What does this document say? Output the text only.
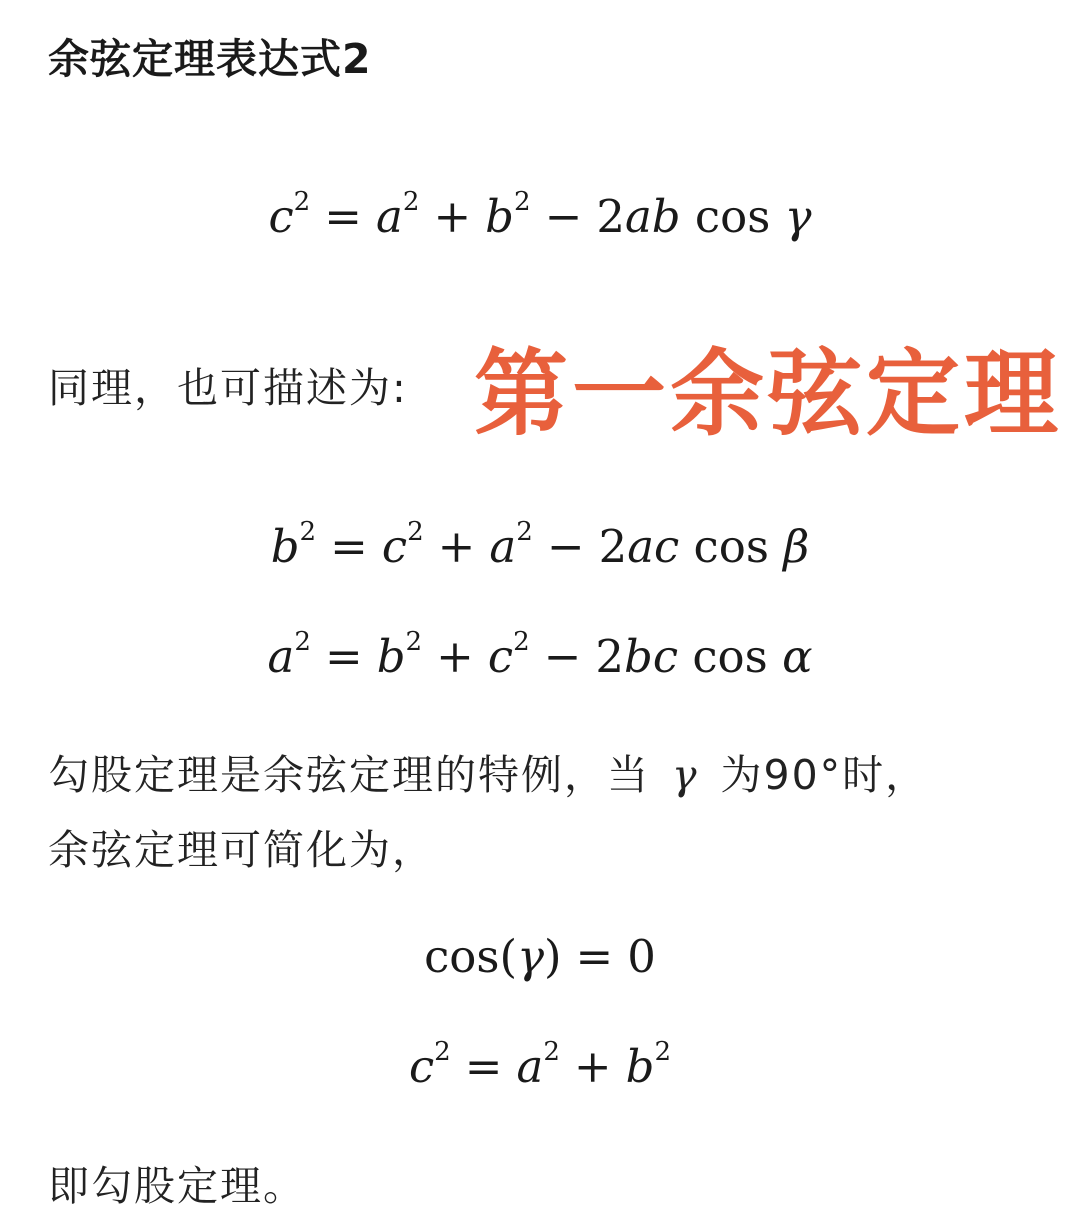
余弦定理表达式2
$c^2 = a^2 + b^2 - 2ab$ cos γ
同理，也可描述为: 第一余弦定理
$b^2 = c^2 + a^2 - 2ac$ cos β
$a^2 = b^2 + c^2 - 2bc$ cos α
勾股定理是余弦定理的特例，当 γ 为90°时，
余弦定理可简化为，
cos(γ) = 0
$c^2 = a^2 + b^2$
即勾股定理。
